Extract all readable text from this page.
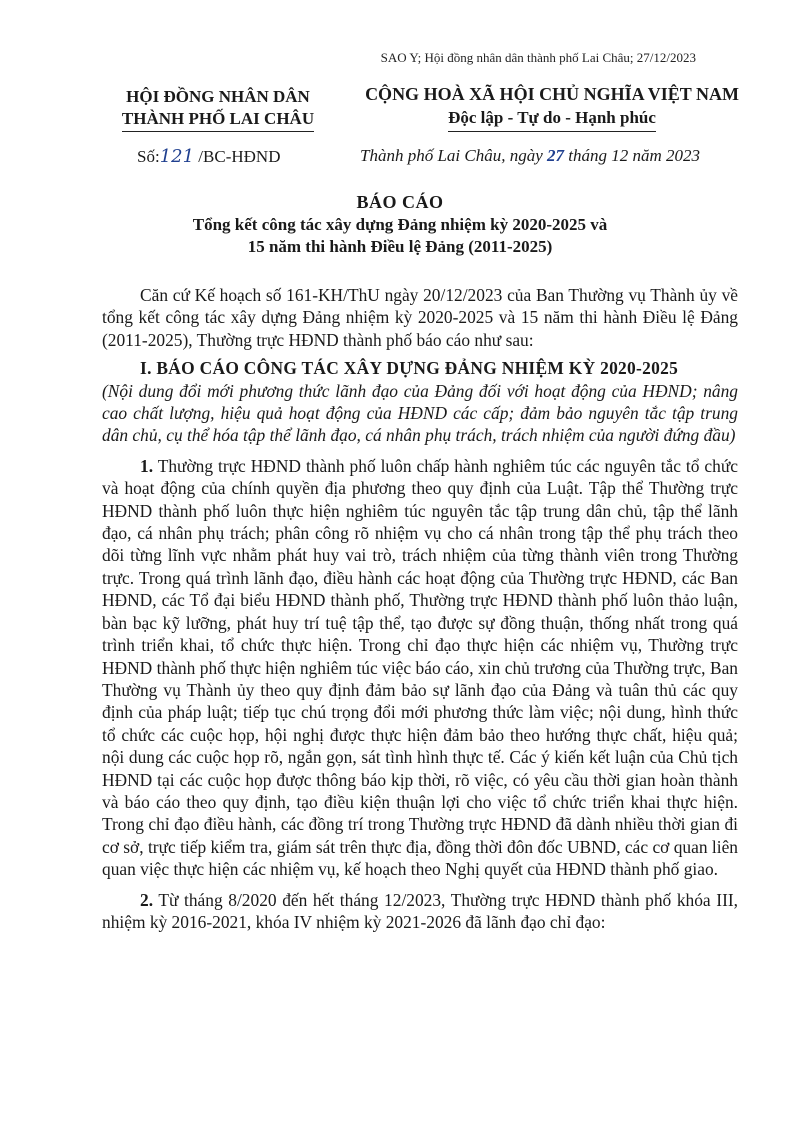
SAO Y; Hội đồng nhân dân thành phố Lai Châu; 27/12/2023
HỘI ĐỒNG NHÂN DÂN
THÀNH PHỐ LAI CHÂU
CỘNG HOÀ XÃ HỘI CHỦ NGHĨA VIỆT NAM
Độc lập - Tự do - Hạnh phúc
Số:121 /BC-HĐND	Thành phố Lai Châu, ngày 27 tháng 12 năm 2023
BÁO CÁO
Tổng kết công tác xây dựng Đảng nhiệm kỳ 2020-2025 và
15 năm thi hành Điều lệ Đảng (2011-2025)

Căn cứ Kế hoạch số 161-KH/ThU ngày 20/12/2023 của Ban Thường vụ Thành ủy về tổng kết công tác xây dựng Đảng nhiệm kỳ 2020-2025 và 15 năm thi hành Điều lệ Đảng (2011-2025), Thường trực HĐND thành phố báo cáo như sau:

I. BÁO CÁO CÔNG TÁC XÂY DỰNG ĐẢNG NHIỆM KỲ 2020-2025

(Nội dung đổi mới phương thức lãnh đạo của Đảng đối với hoạt động của HĐND; nâng cao chất lượng, hiệu quả hoạt động của HĐND các cấp; đảm bảo nguyên tắc tập trung dân chủ, cụ thể hóa tập thể lãnh đạo, cá nhân phụ trách, trách nhiệm của người đứng đầu)

1. Thường trực HĐND thành phố luôn chấp hành nghiêm túc các nguyên tắc tổ chức và hoạt động của chính quyền địa phương theo quy định của Luật. Tập thể Thường trực HĐND thành phố luôn thực hiện nghiêm túc nguyên tắc tập trung dân chủ, tập thể lãnh đạo, cá nhân phụ trách; phân công rõ nhiệm vụ cho cá nhân trong tập thể phụ trách theo dõi từng lĩnh vực nhằm phát huy vai trò, trách nhiệm của từng thành viên trong Thường trực. Trong quá trình lãnh đạo, điều hành các hoạt động của Thường trực HĐND, các Ban HĐND, các Tổ đại biểu HĐND thành phố, Thường trực HĐND thành phố luôn thảo luận, bàn bạc kỹ lưỡng, phát huy trí tuệ tập thể, tạo được sự đồng thuận, thống nhất trong quá trình triển khai, tổ chức thực hiện. Trong chỉ đạo thực hiện các nhiệm vụ, Thường trực HĐND thành phố thực hiện nghiêm túc việc báo cáo, xin chủ trương của Thường trực, Ban Thường vụ Thành ủy theo quy định đảm bảo sự lãnh đạo của Đảng và tuân thủ các quy định của pháp luật; tiếp tục chú trọng đổi mới phương thức làm việc; nội dung, hình thức tổ chức các cuộc họp, hội nghị được thực hiện đảm bảo theo hướng thực chất, hiệu quả; nội dung các cuộc họp rõ, ngắn gọn, sát tình hình thực tế. Các ý kiến kết luận của Chủ tịch HĐND tại các cuộc họp được thông báo kịp thời, rõ việc, có yêu cầu thời gian hoàn thành và báo cáo theo quy định, tạo điều kiện thuận lợi cho việc tổ chức triển khai thực hiện. Trong chỉ đạo điều hành, các đồng trí trong Thường trực HĐND đã dành nhiều thời gian đi cơ sở, trực tiếp kiểm tra, giám sát trên thực địa, đồng thời đôn đốc UBND, các cơ quan liên quan việc thực hiện các nhiệm vụ, kế hoạch theo Nghị quyết của HĐND thành phố giao.

2. Từ tháng 8/2020 đến hết tháng 12/2023, Thường trực HĐND thành phố khóa III, nhiệm kỳ 2016-2021, khóa IV nhiệm kỳ 2021-2026 đã lãnh đạo chỉ đạo:
